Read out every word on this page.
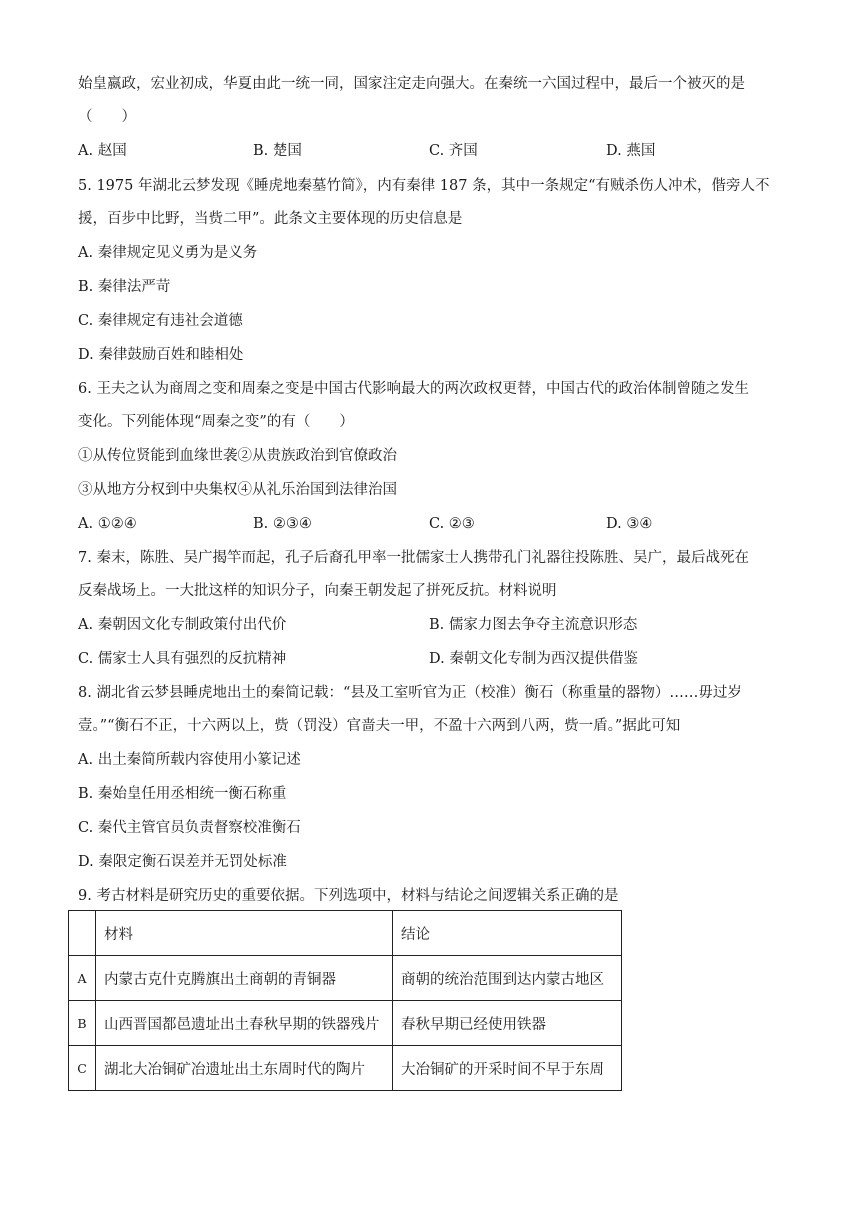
始皇嬴政，宏业初成，华夏由此一统一同，国家注定走向强大。在秦统一六国过程中，最后一个被灭的是
（　　）
A. 赵国	B. 楚国	C. 齐国	D. 燕国
5. 1975 年湖北云梦发现《睡虎地秦墓竹简》，内有秦律 187 条，其中一条规定“有贼杀伤人冲术，偕旁人不
援，百步中比野，当赀二甲”。此条文主要体现的历史信息是
A. 秦律规定见义勇为是义务
B. 秦律法严苛
C. 秦律规定有违社会道德
D. 秦律鼓励百姓和睦相处
6. 王夫之认为商周之变和周秦之变是中国古代影响最大的两次政权更替，中国古代的政治体制曾随之发生
变化。下列能体现“周秦之变”的有（　　）
①从传位贤能到血缘世袭②从贵族政治到官僚政治
③从地方分权到中央集权④从礼乐治国到法律治国
A. ①②④	B. ②③④	C. ②③	D. ③④
7. 秦末，陈胜、吴广揭竿而起，孔子后裔孔甲率一批儒家士人携带孔门礼器往投陈胜、吴广，最后战死在
反秦战场上。一大批这样的知识分子，向秦王朝发起了拼死反抗。材料说明
A. 秦朝因文化专制政策付出代价	B. 儒家力图去争夺主流意识形态
C. 儒家士人具有强烈的反抗精神	D. 秦朝文化专制为西汉提供借鉴
8. 湖北省云梦县睡虎地出土的秦简记载：“县及工室听官为正（校准）衡石（称重量的器物）……毋过岁
壹。”“衡石不正，十六两以上，赀（罚没）官啬夫一甲，不盈十六两到八两，赀一盾。”据此可知
A. 出土秦简所载内容使用小篆记述
B. 秦始皇任用丞相统一衡石称重
C. 秦代主管官员负责督察校准衡石
D. 秦限定衡石误差并无罚处标准
9. 考古材料是研究历史的重要依据。下列选项中，材料与结论之间逻辑关系正确的是
	材料	结论
A	内蒙古克什克腾旗出土商朝的青铜器	商朝的统治范围到达内蒙古地区
B	山西晋国都邑遗址出土春秋早期的铁器残片	春秋早期已经使用铁器
C	湖北大冶铜矿冶遗址出土东周时代的陶片	大冶铜矿的开采时间不早于东周
